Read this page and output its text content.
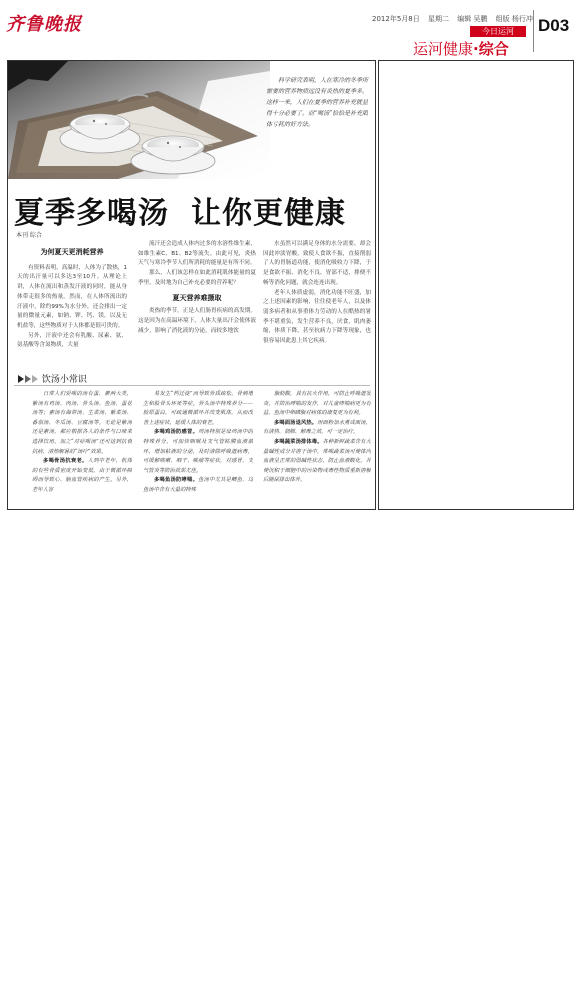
齐鲁晚报	2012年5月8日 星期二 编辑 吴鹏 组版 杨行冲
今日运河
运河健康·综合
D03
科学研究表明，人在寒冷的冬季所需要的营养物质远没有炎热的夏季多。这样一来，人们在夏季的营养补充就显得十分必要了。而“喝汤”恰恰是补充肌体亏耗的好方法。
夏季多喝汤 让你更健康
本刊 综合
为何夏天更消耗营养

有资料表明，高温时，人体为了散热，1天的出汗量可以多达3至10升。从理论上讲，人体在流出和蒸发汗液的同时，能从身体带走很多的热量。然而，在人体所流出的汗液中，除约99%为水分外，还会排出一定量的微量元素，如钠、钾、钙、镁，以及无机盐等，这些物质对于人体都是很可贵的。

另外，汗液中还会有乳酸、尿素、氨、氨基酸等含氮物质，大量

流汗还会造成人体内过多的水溶性维生素，如维生素C、B1、B2等流失。由此可见，炎热天气与寒冷季节人们所消耗的能量是有所不同。

那么，人们该怎样在如此消耗肌体能量的夏季里，及时地为自己补充必要的营养呢？

夏天营养难摄取

炎热的季节，正是人们肠胃疾病的高发期。这是因为在高温环境下，人体大量出汗会使体液减少，影响了消化液的分泌。而较多地饮

水虽然可以满足身体的水分需要，却会因此冲淡胃酸，致使人食欲不振，直接削弱了人的胃肠道功能，使消化吸收力下降，于是食欲不振、消化不良、胃部不适，排便不畅等消化问题，就会连连出现。

老年人体质虚弱，消化功能不旺盛，加之上述因素的影响，往往使老年人，以及体弱多病者和从事重体力劳动的人在酷热的暑季不堪重负，发生营养不良，厌食，肌肉萎缩，体质下降，甚至抗病力下降等现象，也很容易因此患上其它疾病。

饮汤小常识

日常人们爱喝的汤有蛋、素两大类，紫汤有鸡汤、肉汤、骨头汤、鱼汤、蛋花汤等；素汤有海带汤、生菜汤、紫菜汤、番茄汤、冬瓜汤、豆腐汤等。无论是紫汤还是素汤，都应根据各人的条件与口味来选择饮用。加之“对症喝汤”还可达到抗衰抗病、清热解暑的“汤疗”效果。

多喝骨汤抗衰老。人到中老年，机体的有些骨质密度开始变低，由于微循环障碍而导致心、脑血管疾病的产生。另外，老年人容

易发生“钙迁徙”而导致骨质疏松，骨刺增生和股骨头坏死等症。骨头汤中特殊养分——胶原蛋白，可疏通微循环并改变肌体，从而改善上述症状，延缓人体的衰老。

多喝鸡汤防感冒。鸡汤特别是母鸡汤中的特殊养分，可加快咽喉及支气管粘膜血液循环，增加粘液的分泌，及时清除呼吸道病毒，可缓解咳嗽、咽干、喉痛等症状，对感冒、支气管炎等防治效果尤佳。

多喝鱼汤防哮喘。鱼汤中尤其是鲫鱼、乌鱼汤中含有大量的特殊

脂肪酸，具有抗火作用，可防止呼吸道发炎，并防治哮喘的发作，对儿童哮喘病更为有益，鱼汤中卵磷脂对病体的康复更为有利。

多喝面汤退风热。用面粉加水煮成面汤，有清热、润肺、解毒之效，可一定治疗。

多喝蔬菜汤排体毒。各种新鲜蔬菜含有大量碱性成分并溶于汤中，常喝蔬菜汤可使体内血液呈正常的弱碱性状态，防止血液酸化，并使沉积于细胞中的污染物或毒性物质重新溶解后随尿排出体外。
